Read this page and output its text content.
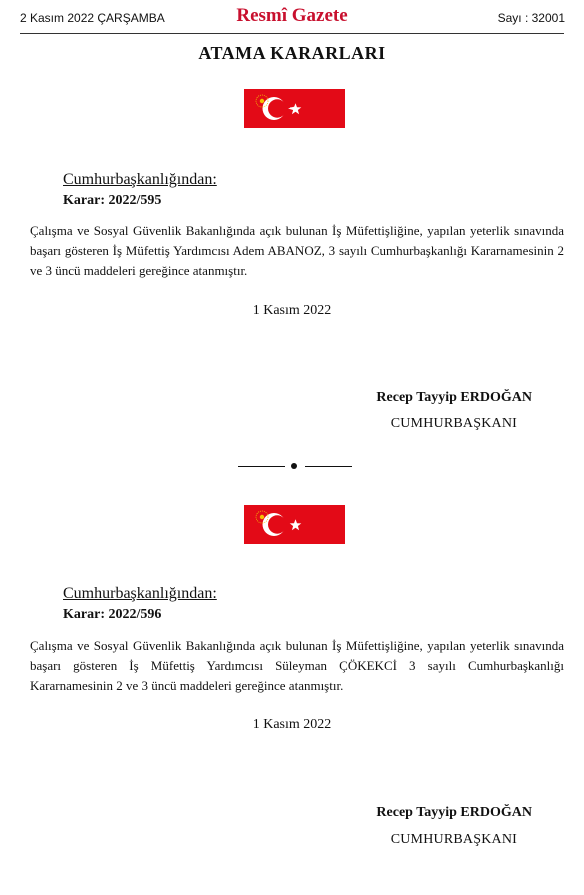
2 Kasım 2022 ÇARŞAMBA	Resmî Gazete	Sayı : 32001
ATAMA KARARLARI
Cumhurbaşkanlığından:
Karar: 2022/595

Çalışma ve Sosyal Güvenlik Bakanlığında açık bulunan İş Müfettişliğine, yapılan yeterlik sınavında başarı gösteren İş Müfettiş Yardımcısı Adem ABANOZ, 3 sayılı Cumhurbaşkanlığı Kararnamesinin 2 ve 3 üncü maddeleri gereğince atanmıştır.

1 Kasım 2022
Recep Tayyip ERDOĞAN
CUMHURBAŞKANI
Cumhurbaşkanlığından:
Karar: 2022/596

Çalışma ve Sosyal Güvenlik Bakanlığında açık bulunan İş Müfettişliğine, yapılan yeterlik sınavında başarı gösteren İş Müfettiş Yardımcısı Süleyman ÇÖKEKCİ 3 sayılı Cumhurbaşkanlığı Kararnamesinin 2 ve 3 üncü maddeleri gereğince atanmıştır.

1 Kasım 2022
Recep Tayyip ERDOĞAN
CUMHURBAŞKANI
